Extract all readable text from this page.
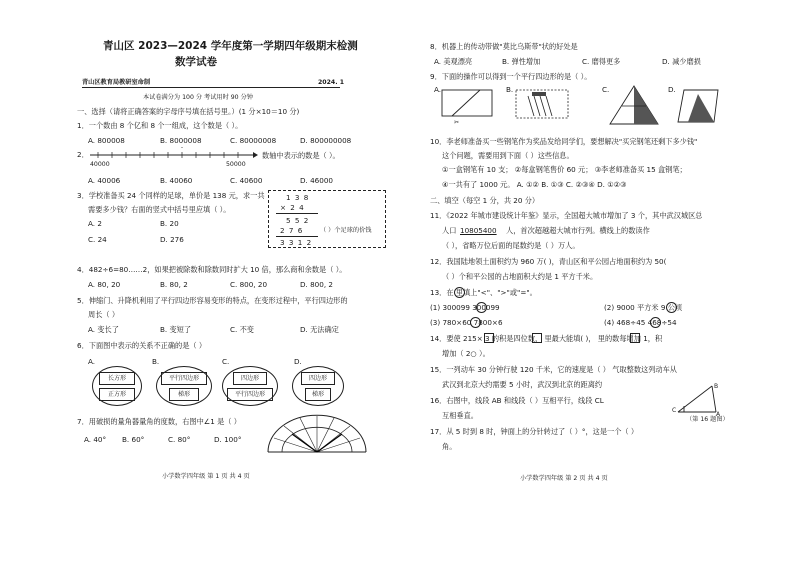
青山区 2023—2024 学年度第一学期四年级期末检测
数学试卷
青山区教育局教研室命制	2024. 1
本试卷满分为 100 分 考试用时 90 分钟
一、选择（请将正确答案的字母序号填在括号里。）(1 分×10＝10 分)
1．一个数由 8 个亿和 8 个一组成，这个数是（ ）。
A. 800008	B. 8000008	C. 80000008	D. 800000008
2．
40000	50000
数轴中表示的数是（ ）。
A. 40006	B. 40060	C. 40600	D. 46000
3．学校准备买 24 个同样的足球，单价是 138 元，求一共
需要多少钱？右面的竖式中括号里应填（ ）。
A. 2	B. 20
C. 24	D. 276
1 3 8
× 2 4
5 5 2
2 7 6
3 3 1 2
（ ）个足球的价钱
4．482÷6=80……2，如果把被除数和除数同时扩大 10 倍，那么商和余数是（ ）。
A. 80, 20	B. 80, 2	C. 800, 20	D. 800, 2
5．伸缩门、升降机利用了平行四边形容易变形的特点，在变形过程中，平行四边形的
周长（ ）
A. 变长了	B. 变短了	C. 不变	D. 无法确定
6．下面图中表示的关系不正确的是（ ）
A.	B.	C.	D.
长方形
正方形
平行四边形
梯形
四边形
平行四边形
四边形
梯形
7．用破损的量角器量角的度数，右图中∠1 是（ ）
A. 40° B. 60°	C. 80°	D. 100°
小学数学四年级 第 1 页 共 4 页
8．机器上的传动带做"莫比乌斯带"状的好处是
A. 美观漂亮	B. 弹性增加	C. 磨得更多	D. 减少磨损
9．下面的操作可以得到一个平行四边形的是（ ）。
A.	B.	C.	D.
✂
10．李老师准备买一些钢笔作为奖品发给同学们，要想解决"买完钢笔还剩下多少钱"
这个问题，需要用到下面（ ）这些信息。
①一盒钢笔有 10 支； ②每盒钢笔售价 60 元； ③李老师准备买 15 盒钢笔；
④一共有了 1000 元。 A. ①② B. ①③ C. ②③④ D. ①②③
二、填空（每空 1 分，共 20 分）
11．《2022 年城市建设统计年鉴》显示，全国超大城市增加了 3 个，其中武汉城区总
人口 10805400 人，首次超越超大城市行列。横线上的数读作
（ ），省略万位后面的尾数约是（ ）万人。
12．我国陆地领土面积约为 960 万( )，青山区和平公园占地面积约为 50(
（ ）个和平公园的占地面积大约是 1 平方千米。
13．在 里填上"<"、">"或"="。
(1) 300099 300099	(2) 9000 平方米 9 公顷
(3) 780×60 7800×6	(4) 468÷45 468÷54
14．要使 215× 3 的积是四位数， 里最大能填( )， 里的数每增加 1，积
增加（ 2○ ）。
15．一列动车 30 分钟行驶 120 千米，它的速度是（ ） 气取整数这列动车从
武汉到北京大约需要 5 小时，武汉到北京的距离约
16．右图中，线段 AB 和线段（ ）互相平行，线段 CL
互相垂直。
B
A
C
（第 16 题图）
17．从 5 时到 8 时，钟面上的分针转过了（ ）°，这是一个（ ）
角。
小学数学四年级 第 2 页 共 4 页
